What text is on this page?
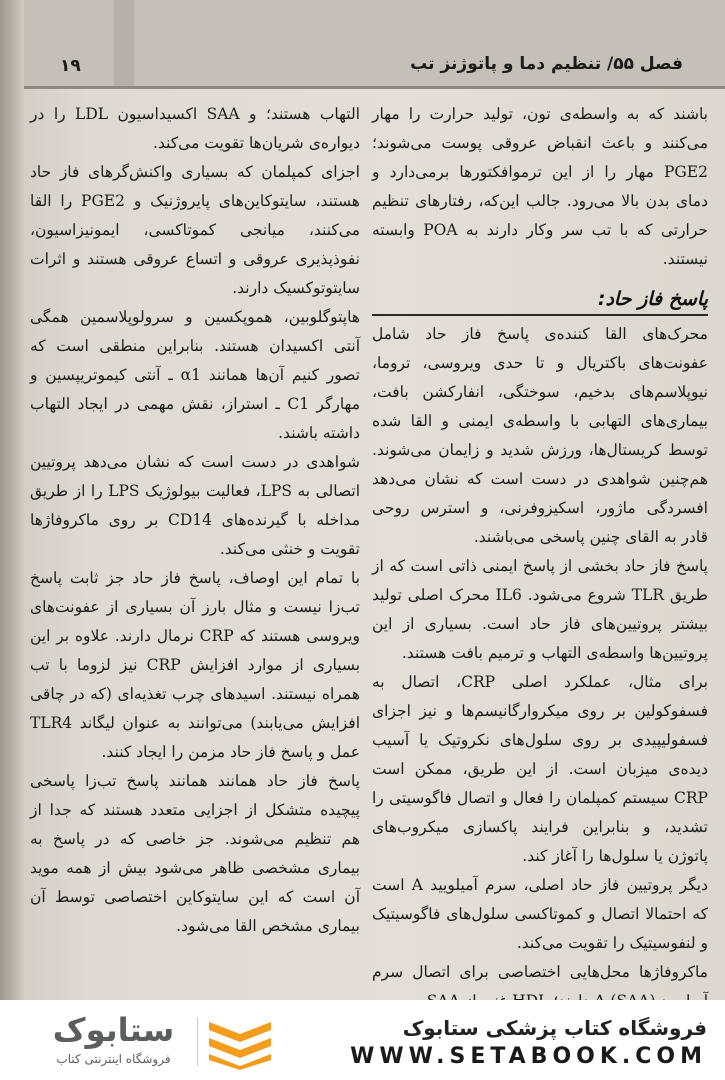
۱۹	فصل ۵۵/ تنظیم دما و پاتوژنز تب

باشند که به واسطه‌ی تون، تولید حرارت را مهار می‌کنند و باعث انقباض عروقی پوست می‌شوند؛ PGE2 مهار را از این ترموافکتورها برمی‌دارد و دمای بدن بالا می‌رود. جالب این‌که، رفتارهای تنظیم حرارتی که با تب سر وکار دارند به POA وابسته نیستند.

پاسخ فاز حاد:

محرک‌های القا کننده‌ی پاسخ فاز حاد شامل عفونت‌های باکتریال و تا حدی ویروسی، تروما، نیوپلاسم‌های بدخیم، سوختگی، انفارکشن بافت، بیماری‌های التهابی با واسطه‌ی ایمنی و القا شده توسط کریستال‌ها، ورزش شدید و زایمان می‌شوند. هم‌چنین شواهدی در دست است که نشان می‌دهد افسردگی ماژور، اسکیزوفرنی، و استرس روحی قادر به القای چنین پاسخی می‌باشند.

پاسخ فاز حاد بخشی از پاسخ ایمنی ذاتی است که از طریق TLR شروع می‌شود. IL6 محرک اصلی تولید بیشتر پروتیین‌های فاز حاد است. بسیاری از این پروتیین‌ها واسطه‌ی التهاب و ترمیم بافت هستند.

برای مثال، عملکرد اصلی CRP، اتصال به فسفوکولین بر روی میکروارگانیسم‌ها و نیز اجزای فسفولیپیدی بر روی سلول‌های نکروتیک یا آسیب دیده‌ی میزبان است. از این طریق، ممکن است CRP سیستم کمپلمان را فعال و اتصال فاگوسیتی را تشدید، و بنابراین فرایند پاکسازی میکروب‌های پاتوژن یا سلول‌ها را آغاز کند.

دیگر پروتیین فاز حاد اصلی، سرم آمیلویید A است که احتمالا اتصال و کموتاکسی سلول‌های فاگوسیتیک و لنفوسیتیک را تقویت می‌کند.

ماکروفاژها محل‌هایی اختصاصی برای اتصال سرم

التهاب هستند؛ و SAA اکسیداسیون LDL را در دیواره‌ی شریان‌ها تقویت می‌کند.

اجزای کمپلمان که بسیاری واکنش‌گرهای فاز حاد هستند، سایتوکاین‌های پایروژنیک و PGE2 را القا می‌کنند، میانجی کموتاکسی، ایمونیزاسیون، نفوذپذیری عروقی و اتساع عروقی هستند و اثرات سایتوتوکسیک دارند.

هاپتوگلوبین، هموپکسین و سرولوپلاسمین همگی آنتی اکسیدان هستند. بنابراین منطقی است که تصور کنیم آن‌ها همانند α1 ـ آنتی کیموتریپسین و مهارگر C1 ـ استراز، نقش مهمی در ایجاد التهاب داشته باشند.

شواهدی در دست است که نشان می‌دهد پروتیین اتصالی به LPS، فعالیت بیولوژیک LPS را از طریق مداخله با گیرنده‌های CD14 بر روی ماکروفاژها تقویت و خنثی می‌کند.

با تمام این اوصاف، پاسخ فاز حاد جز ثابت پاسخ تب‌زا نیست و مثال بارز آن بسیاری از عفونت‌های ویروسی هستند که CRP نرمال دارند. علاوه بر این بسیاری از موارد افزایش CRP نیز لزوما با تب همراه نیستند. اسیدهای چرب تغذیه‌ای (که در چاقی افزایش می‌یابند) می‌توانند به عنوان لیگاند TLR4 عمل و پاسخ فاز حاد مزمن را ایجاد کنند.

پاسخ فاز حاد همانند همانند پاسخ تب‌زا پاسخی پیچیده متشکل از اجزایی متعدد هستند که جدا از هم تنظیم می‌شوند. جز خاصی که در پاسخ به بیماری مشخصی ظاهر می‌شود بیش از همه موید آن است که این سایتوکاین اختصاصی توسط آن بیماری مشخص القا می‌شود.

ستابوک
فروشگاه اینترنتی کتاب
فروشگاه کتاب پزشکی ستابوک
WWW.SETABOOK.COM
